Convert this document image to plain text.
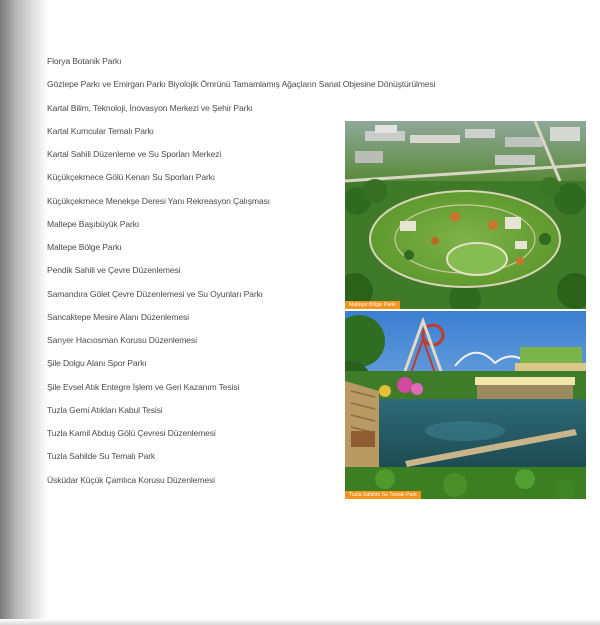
Florya Botanik Parkı
Göztepe Parkı ve Emirgan Parkı Biyolojik Ömrünü Tamamlamış Ağaçların Sanat Objesine Dönüştürülmesi
Kartal Bilim, Teknoloji, İnovasyon Merkezi ve Şehir Parkı
Kartal Kumcular Temalı Parkı
Kartal Sahili Düzenleme ve Su Sporları Merkezi
Küçükçekmece Gölü Kenarı Su Sporları Parkı
Küçükçekmece Menekşe Deresi Yanı Rekreasyon Çalışması
Maltepe Başıbüyük Parkı
Maltepe Bölge Parkı
Pendik Sahili ve Çevre Düzenlemesi
Samandıra Gölet Çevre Düzenlemesi ve Su Oyunları Parkı
Sancaktepe Mesire Alanı Düzenlemesi
Sarıyer Hacıosman Korusu Düzenlemesi
Şile Dolgu Alanı Spor Parkı
Şile Evsel Atık Entegre İşlem ve Geri Kazanım Tesisi
Tuzla Gemi Atıkları Kabul Tesisi
Tuzla Kamil Abduş Gölü Çevresi Düzenlemesi
Tuzla Sahilde Su Temalı Park
Üsküdar Küçük Çamlıca Korusu Düzenlemesi
Maltepe Bölge Parkı
Tuzla Sahilde Su Temalı Park
